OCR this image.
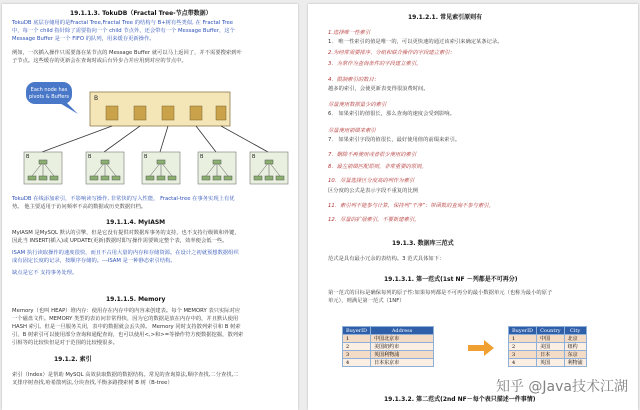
19.1.1.3. TokuDB（Fractal Tree-节点带数据）
TokuDB 底层存储用的是Fractal Tree,Fractal Tree 的结构与 B+树有些类似, 在 Fractal Tree
中，每一个 child 指针除了需要指向一个 child 节点外，还会带有一个 Message Buffer，这个
Message Buffer 是一个 FIFO 的队列，用来缓存更新操作。
例如，一次插入操作只需要落在某节点的 Message Buffer 就可以马上返回了，并不需要搜索到叶
子节点。这些缓存的更新会在查询时或后台异步合并应用到对应的节点中。
Each node has
pivots & Buffers	B
B	B	B	B	B
TokuDB 在线添加索引，不影响读写操作, 非常快的写入性能， Fractal-tree 在事务实现上有优
势。 他主要适用于访问频率不高的数据或历史数据归档。
19.1.1.4. MyIASM
MyIASM 是MySQL 默认的引擎，但是它没有提供对数据库事务的支持，也不支持行级锁和外键，
因此当 INSERT(插入)或 UPDATE(更新)数据时即写操作需要锁定整个表，效率便会低一些。
ISAM 执行读取操作的速度很快，而且不占用大量的内存和存储资源。在设计之初就预想数据组织
成有固定长度的记录，按顺序存储的。---ISAM 是一种静态索引结构。
缺点是它不 支持事务处理。
19.1.1.5. Memory
Memory（也叫 HEAP）堆内存：使用存在内存中的内容来创建表。每个 MEMORY 表只实际对应
一个磁盘文件。MEMORY 类型的表访问非常得快，因为它的数据是放在内存中的，并且默认使用
HASH 索引。但是一旦服务关闭，表中的数据就会丢失掉。 Memory 同时支持散列索引和 B 树索
引，B 树索引可以使用部分查询和通配查询，也可以使用<,>和>=等操作符方便数据挖掘，散列索
引相等的比较快但是对于范围的比较慢很多。
19.1.2. 索引
索引（Index）是帮助 MySQL 高效获取数据的数据结构。常见的查询算法,顺序查找,二分查找,二
叉排序树查找,哈希散列法,分块查找,平衡多路搜索树 B 树（B-tree）
19.1.2.1. 常见索引原则有
1.选择唯一性索引
1． 唯一性索引的值是唯一的，可以更快速的通过该索引来确定某条记录。
2.为经常需要排序、分组和联合操作的字段建立索引：
3．为常作为查询条件的字段建立索引。
4．限制索引的数目：
越多的索引，会使更新表变得很浪费时间。
尽量使用数据量少的索引
6． 如果索引的值很长，那么查询的速度会受到影响。
尽量使用前缀来索引
7． 如果索引字段的值很长，最好使用值的前缀来索引。
7．删除不再使用或者很少使用的索引
8．最左前缀匹配原则，非常重要的原则。
10．尽量选择区分度高的列作为索引
区分度的公式是表示字段不重复的比例
11．索引列不能参与计算，保持列“干净”：带函数的查询不参与索引。
12．尽量的扩展索引，不要新建索引。
19.1.3. 数据库三范式
范式是具有最小冗余的表结构。3 范式具体如下：
19.1.3.1. 第一范式(1st NF －列都是不可再分)
第一范式的目标是确保每列的原子性:如果每列都是不可再分的最小数据单元（也称为最小的原子
单元），则满足第一范式（1NF）
BuyerID	Address
1	中国北京市
2	美国纽约市
3	英国利物浦
4	日本东京市
BuyerID	Country	City
1	中国	北京
2	美国	纽约
3	日本	东京
4	英国	利物浦
19.1.3.2. 第二范式(2nd NF－每个表只描述一件事情)
知乎 @Java技术江湖
